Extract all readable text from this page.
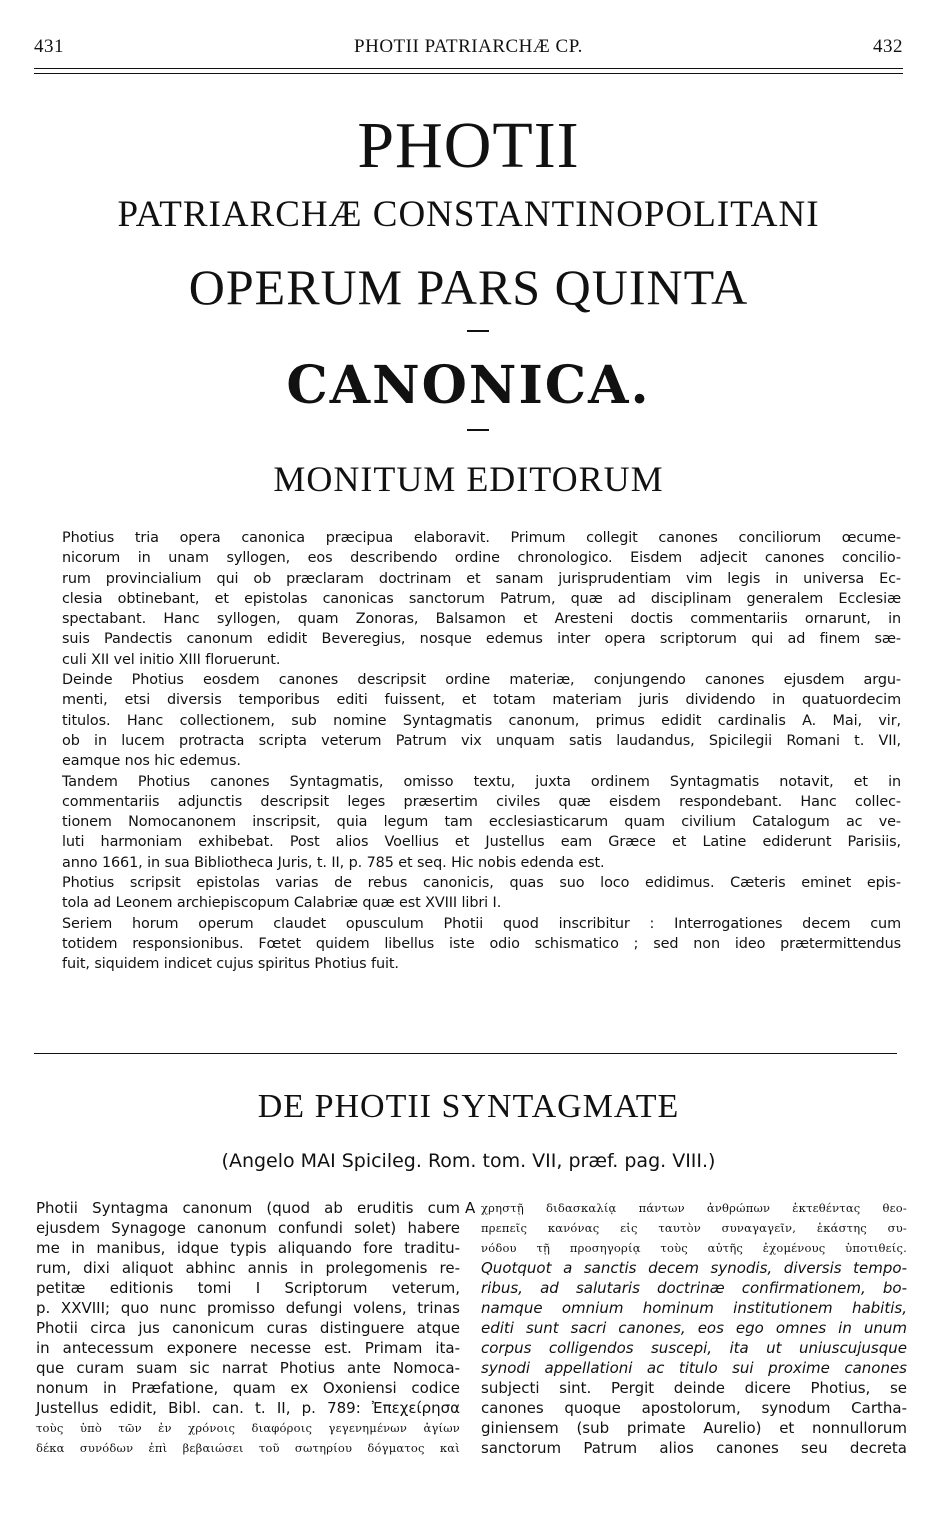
431	PHOTII PATRIARCHÆ CP.	432
PHOTII
PATRIARCHÆ CONSTANTINOPOLITANI
OPERUM PARS QUINTA
CANONICA.
MONITUM EDITORUM
Photius tria opera canonica præcipua elaboravit. Primum collegit canones conciliorum œcume-
nicorum in unam syllogen, eos describendo ordine chronologico. Eisdem adjecit canones concilio-
rum provincialium qui ob præclaram doctrinam et sanam jurisprudentiam vim legis in universa Ec-
clesia obtinebant, et epistolas canonicas sanctorum Patrum, quæ ad disciplinam generalem Ecclesiæ
spectabant. Hanc syllogen, quam Zonoras, Balsamon et Aresteni doctis commentariis ornarunt, in
suis Pandectis canonum edidit Beveregius, nosque edemus inter opera scriptorum qui ad finem sæ-
culi XII vel initio XIII floruerunt.
Deinde Photius eosdem canones descripsit ordine materiæ, conjungendo canones ejusdem argu-
menti, etsi diversis temporibus editi fuissent, et totam materiam juris dividendo in quatuordecim
titulos. Hanc collectionem, sub nomine Syntagmatis canonum, primus edidit cardinalis A. Mai, vir,
ob in lucem protracta scripta veterum Patrum vix unquam satis laudandus, Spicilegii Romani t. VII,
eamque nos hic edemus.
Tandem Photius canones Syntagmatis, omisso textu, juxta ordinem Syntagmatis notavit, et in
commentariis adjunctis descripsit leges præsertim civiles quæ eisdem respondebant. Hanc collec-
tionem Nomocanonem inscripsit, quia legum tam ecclesiasticarum quam civilium Catalogum ac ve-
luti harmoniam exhibebat. Post alios Voellius et Justellus eam Græce et Latine ediderunt Parisiis,
anno 1661, in sua Bibliotheca Juris, t. II, p. 785 et seq. Hic nobis edenda est.
Photius scripsit epistolas varias de rebus canonicis, quas suo loco edidimus. Cæteris eminet epis-
tola ad Leonem archiepiscopum Calabriæ quæ est XVIII libri I.
Seriem horum operum claudet opusculum Photii quod inscribitur : Interrogationes decem cum
totidem responsionibus. Fœtet quidem libellus iste odio schismatico ; sed non ideo prætermittendus
fuit, siquidem indicet cujus spiritus Photius fuit.
DE PHOTII SYNTAGMATE
(Angelo MAI Spicileg. Rom. tom. VII, præf. pag. VIII.)
Photii Syntagma canonum (quod ab eruditis cum
ejusdem Synagoge canonum confundi solet) habere
me in manibus, idque typis aliquando fore traditu-
rum, dixi aliquot abhinc annis in prolegomenis re-
petitæ editionis tomi I Scriptorum veterum,
p. XXVIII; quo nunc promisso defungi volens, trinas
Photii circa jus canonicum curas distinguere atque
in antecessum exponere necesse est. Primam ita-
que curam suam sic narrat Photius ante Nomoca-
nonum in Præfatione, quam ex Oxoniensi codice
Justellus edidit, Bibl. can. t. II, p. 789: Ἐπεχείρησα
τοὺς ὑπὸ τῶν ἐν χρόνοις διαφόροις γεγενημένων ἁγίων
δέκα συνόδων ἐπὶ βεβαιώσει τοῦ σωτηρίου δόγματος καὶ
A χρηστῇ διδασκαλίᾳ πάντων ἀνθρώπων ἐκτεθέντας θεο-
πρεπεῖς κανόνας εἰς ταυτὸν συναγαγεῖν, ἑκάστης συ-
νόδου τῇ προσηγορίᾳ τοὺς αὐτῆς ἐχομένους ὑποτιθείς.
Quotquot a sanctis decem synodis, diversis tempo-
ribus, ad salutaris doctrinæ confirmationem, bo-
namque omnium hominum institutionem habitis,
editi sunt sacri canones, eos ego omnes in unum
corpus colligendos suscepi, ita ut uniuscujusque
synodi appellationi ac titulo sui proxime canones
subjecti sint. Pergit deinde dicere Photius, se
canones quoque apostolorum, synodum Cartha-
giniensem (sub primate Aurelio) et nonnullorum
sanctorum Patrum alios canones seu decreta
